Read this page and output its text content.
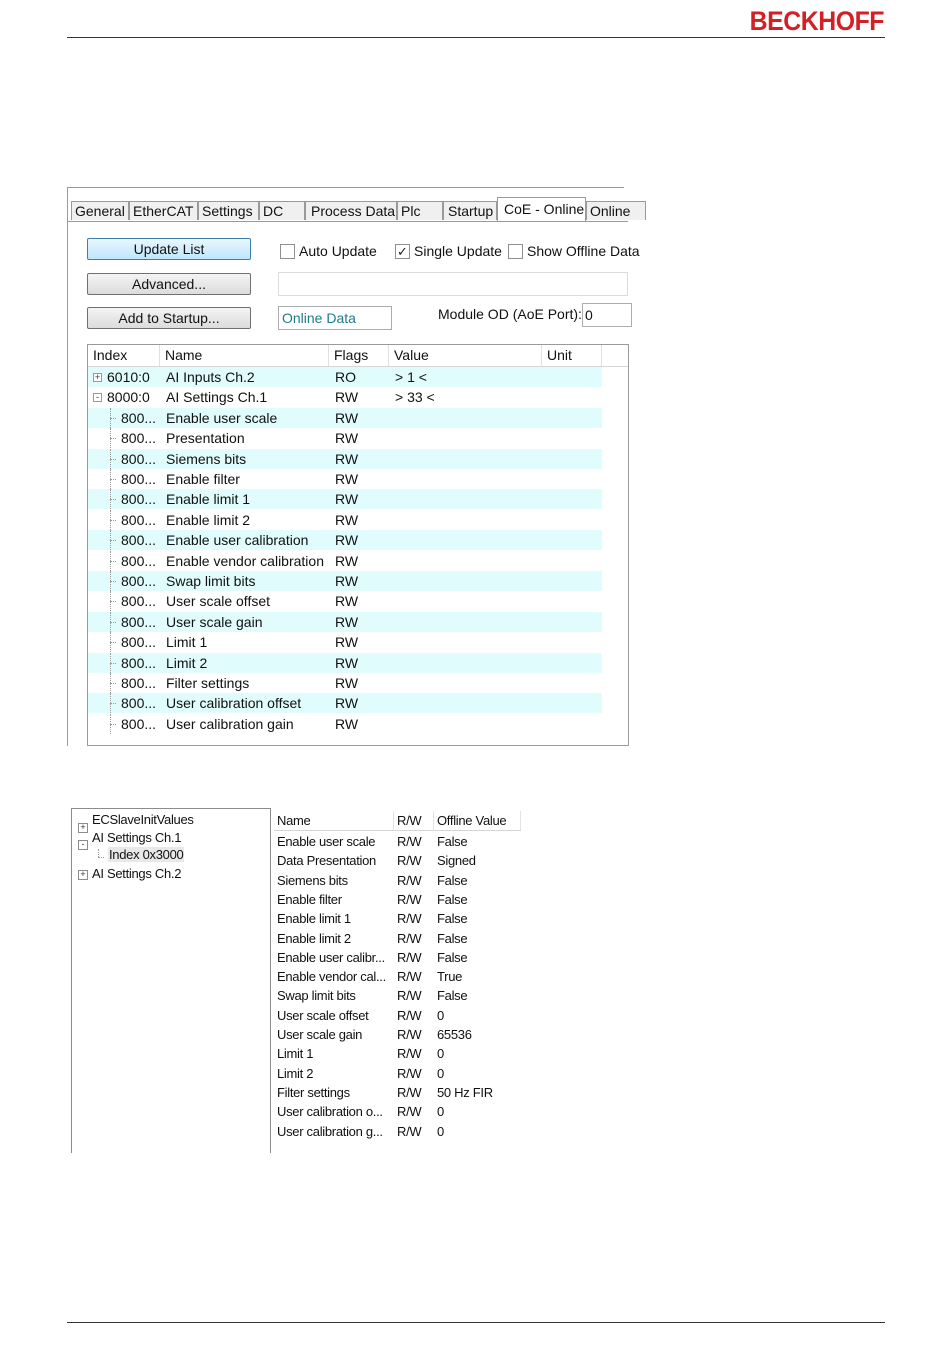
BECKHOFF
General EtherCAT Settings DC	Process Data Plc	Startup CoE - Online Online
Update List
Advanced...
Add to Startup...
Auto Update ✓ Single Update Show Offline Data
Online Data	Module OD (AoE Port): 0
Index	Name	Flags	Value	Unit
+ 6010:0 AI Inputs Ch.2	RO	> 1 <
- 8000:0 AI Settings Ch.1	RW	> 33 <
800... Enable user scale	RW
800... Presentation	RW
800... Siemens bits	RW
800... Enable filter	RW
800... Enable limit 1	RW
800... Enable limit 2	RW
800... Enable user calibration RW
800... Enable vendor calibration RW
800... Swap limit bits	RW
800... User scale offset	RW
800... User scale gain	RW
800... Limit 1	RW
800... Limit 2	RW
800... Filter settings	RW
800... User calibration offset RW
800... User calibration gain	RW
+ ECSlaveInitValues
- AI Settings Ch.1
Index 0x3000
+ AI Settings Ch.2
Name	R/W	Offline Value
Enable user scale R/W False
Data Presentation R/W Signed
Siemens bits	R/W False
Enable filter	R/W False
Enable limit 1	R/W False
Enable limit 2	R/W False
Enable user calibr... R/W False
Enable vendor cal... R/W True
Swap limit bits	R/W False
User scale offset R/W 0
User scale gain	R/W 65536
Limit 1	R/W 0
Limit 2	R/W 0
Filter settings	R/W 50 Hz FIR
User calibration o... R/W 0
User calibration g... R/W 0
